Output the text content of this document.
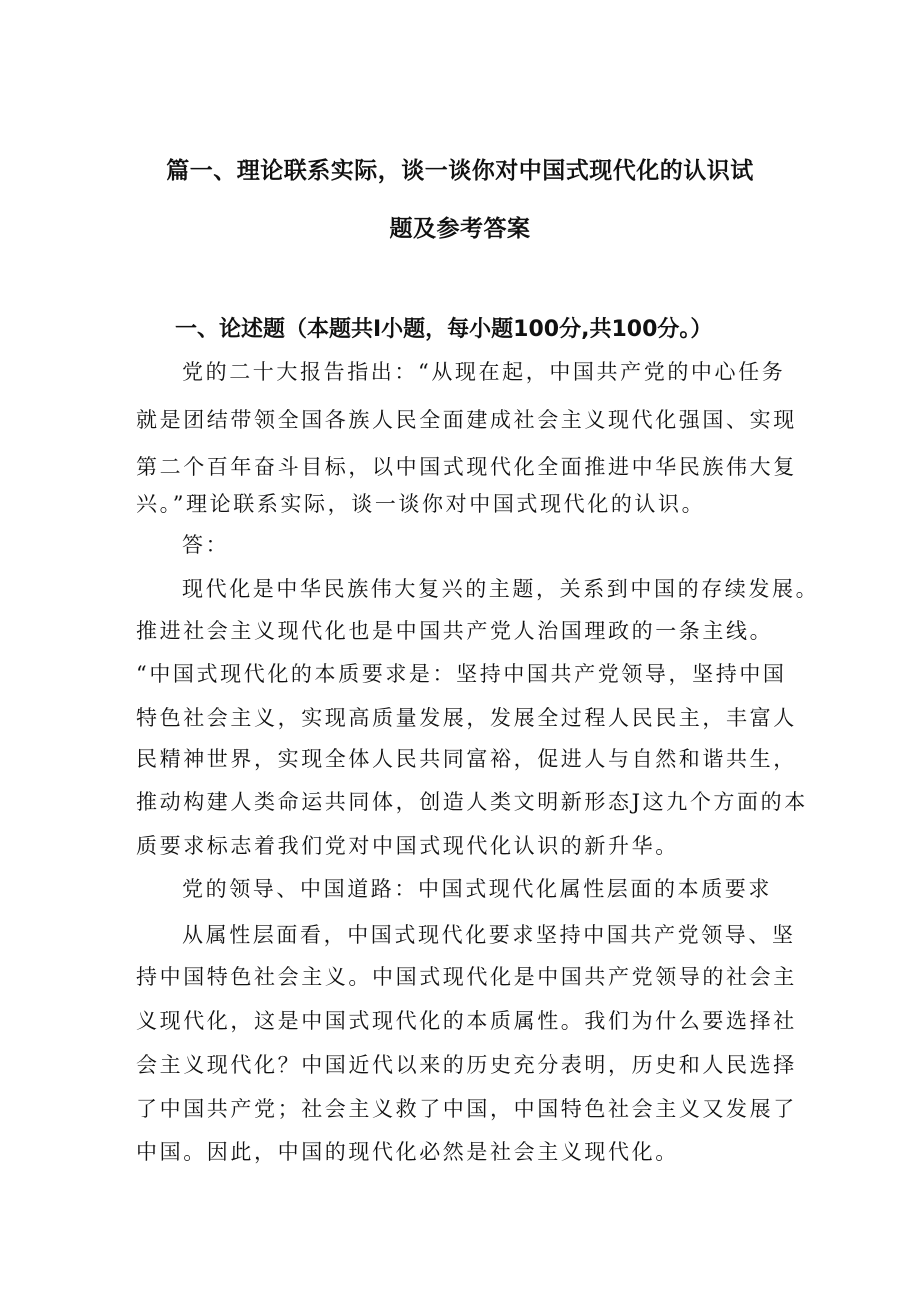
篇一、理论联系实际，谈一谈你对中国式现代化的认识试
题及参考答案
一、论述题（本题共I小题，每小题100分,共100分。）
党的二十大报告指出：“从现在起，中国共产党的中心任务
就是团结带领全国各族人民全面建成社会主义现代化强国、实现
第二个百年奋斗目标，以中国式现代化全面推进中华民族伟大复
兴。”理论联系实际，谈一谈你对中国式现代化的认识。
答：
现代化是中华民族伟大复兴的主题，关系到中国的存续发展。
推进社会主义现代化也是中国共产党人治国理政的一条主线。
“中国式现代化的本质要求是：坚持中国共产党领导，坚持中国
特色社会主义，实现高质量发展，发展全过程人民民主，丰富人
民精神世界，实现全体人民共同富裕，促进人与自然和谐共生，
推动构建人类命运共同体，创造人类文明新形态J这九个方面的本
质要求标志着我们党对中国式现代化认识的新升华。
党的领导、中国道路：中国式现代化属性层面的本质要求
从属性层面看，中国式现代化要求坚持中国共产党领导、坚
持中国特色社会主义。中国式现代化是中国共产党领导的社会主
义现代化，这是中国式现代化的本质属性。我们为什么要选择社
会主义现代化？中国近代以来的历史充分表明，历史和人民选择
了中国共产党；社会主义救了中国，中国特色社会主义又发展了
中国。因此，中国的现代化必然是社会主义现代化。
